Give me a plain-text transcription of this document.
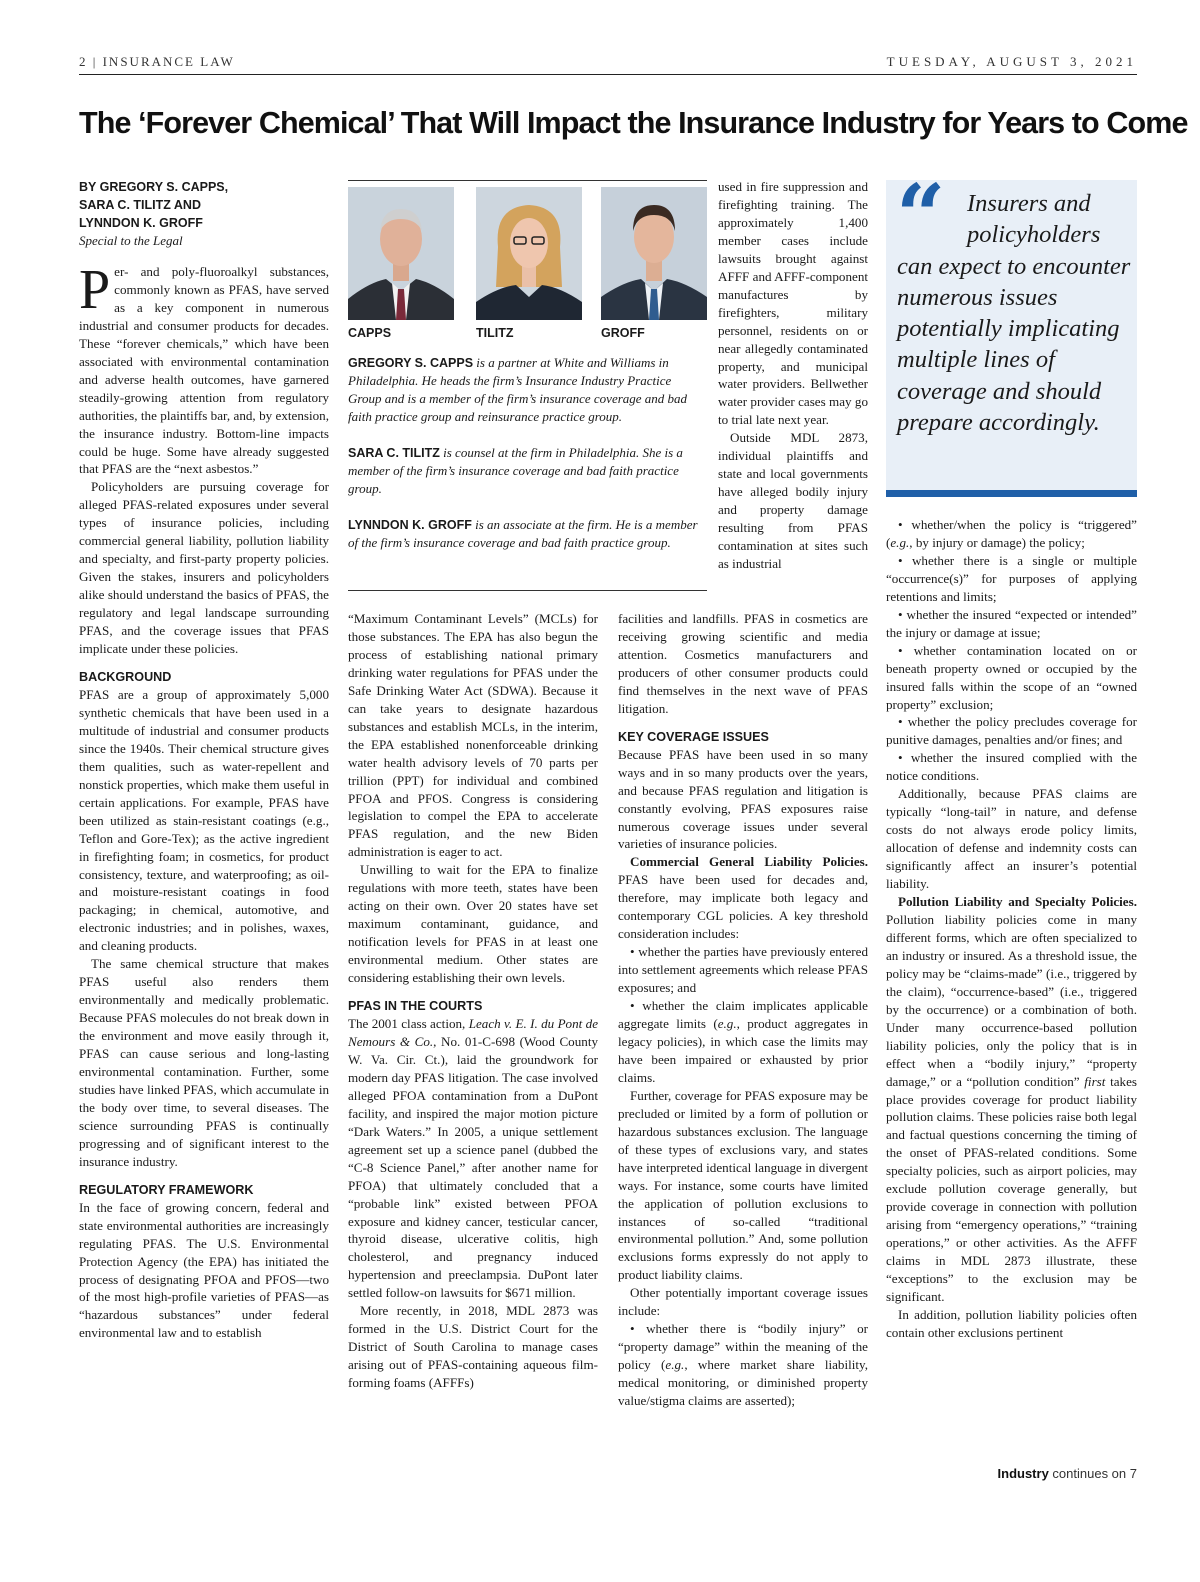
2 | INSURANCE LAW	TUESDAY, AUGUST 3, 2021
The ‘Forever Chemical’ That Will Impact the Insurance Industry for Years to Come
BY GREGORY S. CAPPS,
SARA C. TILITZ AND
LYNNDON K. GROFF
Special to the Legal

Per- and poly-fluoroalkyl substances, commonly known as PFAS, have served as a key component in numerous industrial and consumer products for decades. These “forever chemicals,” which have been associated with environmental contamination and adverse health outcomes, have garnered steadily-growing attention from regulatory authorities, the plaintiffs bar, and, by extension, the insurance industry. Bottom-line impacts could be huge. Some have already suggested that PFAS are the “next asbestos.”

Policyholders are pursuing coverage for alleged PFAS-related exposures under several types of insurance policies, including commercial general liability, pollution liability and specialty, and first-party property policies. Given the stakes, insurers and policyholders alike should understand the basics of PFAS, the regulatory and legal landscape surrounding PFAS, and the coverage issues that PFAS implicate under these policies.

BACKGROUND

PFAS are a group of approximately 5,000 synthetic chemicals that have been used in a multitude of industrial and consumer products since the 1940s. Their chemical structure gives them qualities, such as water-repellent and nonstick properties, which make them useful in certain applications. For example, PFAS have been utilized as stain-resistant coatings (e.g., Teflon and Gore-Tex); as the active ingredient in firefighting foam; in cosmetics, for product consistency, texture, and waterproofing; as oil- and moisture-resistant coatings in food packaging; in chemical, automotive, and electronic industries; and in polishes, waxes, and cleaning products.

The same chemical structure that makes PFAS useful also renders them environmentally and medically problematic. Because PFAS molecules do not break down in the environment and move easily through it, PFAS can cause serious and long-lasting environmental contamination. Further, some studies have linked PFAS, which accumulate in the body over time, to several diseases. The science surrounding PFAS is continually progressing and of significant interest to the insurance industry.

REGULATORY FRAMEWORK

In the face of growing concern, federal and state environmental authorities are increasingly regulating PFAS. The U.S. Environmental Protection Agency (the EPA) has initiated the process of designating PFOA and PFOS—two of the most high-profile varieties of PFAS—as “hazardous substances” under federal environmental law and to establish

CAPPS	TILITZ	GROFF

GREGORY S. CAPPS is a partner at White and Williams in Philadelphia. He heads the firm’s Insurance Industry Practice Group and is a member of the firm’s insurance coverage and bad faith practice group and reinsurance practice group.

SARA C. TILITZ is counsel at the firm in Philadelphia. She is a member of the firm’s insurance coverage and bad faith practice group.

LYNNDON K. GROFF is an associate at the firm. He is a member of the firm’s insurance coverage and bad faith practice group.

used in fire suppression and firefighting training. The approximately 1,400 member cases include lawsuits brought against AFFF and AFFF-component manufactures by firefighters, military personnel, residents on or near allegedly contaminated property, and municipal water providers. Bellwether water provider cases may go to trial late next year.

Outside MDL 2873, individual plaintiffs and state and local governments have alleged bodily injury and property damage resulting from PFAS contamination at sites such as industrial

“Maximum Contaminant Levels” (MCLs) for those substances. The EPA has also begun the process of establishing national primary drinking water regulations for PFAS under the Safe Drinking Water Act (SDWA). Because it can take years to designate hazardous substances and establish MCLs, in the interim, the EPA established nonenforceable drinking water health advisory levels of 70 parts per trillion (PPT) for individual and combined PFOA and PFOS. Congress is considering legislation to compel the EPA to accelerate PFAS regulation, and the new Biden administration is eager to act.

Unwilling to wait for the EPA to finalize regulations with more teeth, states have been acting on their own. Over 20 states have set maximum contaminant, guidance, and notification levels for PFAS in at least one environmental medium. Other states are considering establishing their own levels.

PFAS IN THE COURTS

The 2001 class action, Leach v. E. I. du Pont de Nemours & Co., No. 01-C-698 (Wood County W. Va. Cir. Ct.), laid the groundwork for modern day PFAS litigation. The case involved alleged PFOA contamination from a DuPont facility, and inspired the major motion picture “Dark Waters.” In 2005, a unique settlement agreement set up a science panel (dubbed the “C-8 Science Panel,” after another name for PFOA) that ultimately concluded that a “probable link” existed between PFOA exposure and kidney cancer, testicular cancer, thyroid disease, ulcerative colitis, high cholesterol, and pregnancy induced hypertension and preeclampsia. DuPont later settled follow-on lawsuits for $671 million.

More recently, in 2018, MDL 2873 was formed in the U.S. District Court for the District of South Carolina to manage cases arising out of PFAS-containing aqueous film-forming foams (AFFFs)

facilities and landfills. PFAS in cosmetics are receiving growing scientific and media attention. Cosmetics manufacturers and producers of other consumer products could find themselves in the next wave of PFAS litigation.

KEY COVERAGE ISSUES

Because PFAS have been used in so many ways and in so many products over the years, and because PFAS regulation and litigation is constantly evolving, PFAS exposures raise numerous coverage issues under several varieties of insurance policies.

Commercial General Liability Policies. PFAS have been used for decades and, therefore, may implicate both legacy and contemporary CGL policies. A key threshold consideration includes:

• whether the parties have previously entered into settlement agreements which release PFAS exposures; and

• whether the claim implicates applicable aggregate limits (e.g., product aggregates in legacy policies), in which case the limits may have been impaired or exhausted by prior claims.

Further, coverage for PFAS exposure may be precluded or limited by a form of pollution or hazardous substances exclusion. The language of these types of exclusions vary, and states have interpreted identical language in divergent ways. For instance, some courts have limited the application of pollution exclusions to instances of so-called “traditional environmental pollution.” And, some pollution exclusions forms expressly do not apply to product liability claims.

Other potentially important coverage issues include:

• whether there is “bodily injury” or “property damage” within the meaning of the policy (e.g., where market share liability, medical monitoring, or diminished property value/stigma claims are asserted);

“ Insurers and
policyholders
can expect to encounter numerous issues potentially implicating multiple lines of coverage and should prepare accordingly.

• whether/when the policy is “triggered” (e.g., by injury or damage) the policy;

• whether there is a single or multiple “occurrence(s)” for purposes of applying retentions and limits;

• whether the insured “expected or intended” the injury or damage at issue;

• whether contamination located on or beneath property owned or occupied by the insured falls within the scope of an “owned property” exclusion;

• whether the policy precludes coverage for punitive damages, penalties and/or fines; and

• whether the insured complied with the notice conditions.

Additionally, because PFAS claims are typically “long-tail” in nature, and defense costs do not always erode policy limits, allocation of defense and indemnity costs can significantly affect an insurer’s potential liability.

Pollution Liability and Specialty Policies. Pollution liability policies come in many different forms, which are often specialized to an industry or insured. As a threshold issue, the policy may be “claims-made” (i.e., triggered by the claim), “occurrence-based” (i.e., triggered by the occurrence) or a combination of both. Under many occurrence-based pollution liability policies, only the policy that is in effect when a “bodily injury,” “property damage,” or a “pollution condition” first takes place provides coverage for product liability pollution claims. These policies raise both legal and factual questions concerning the timing of the onset of PFAS-related conditions. Some specialty policies, such as airport policies, may exclude pollution coverage generally, but provide coverage in connection with pollution arising from “emergency operations,” “training operations,” or other activities. As the AFFF claims in MDL 2873 illustrate, these “exceptions” to the exclusion may be significant.

In addition, pollution liability policies often contain other exclusions pertinent

Industry continues on 7
